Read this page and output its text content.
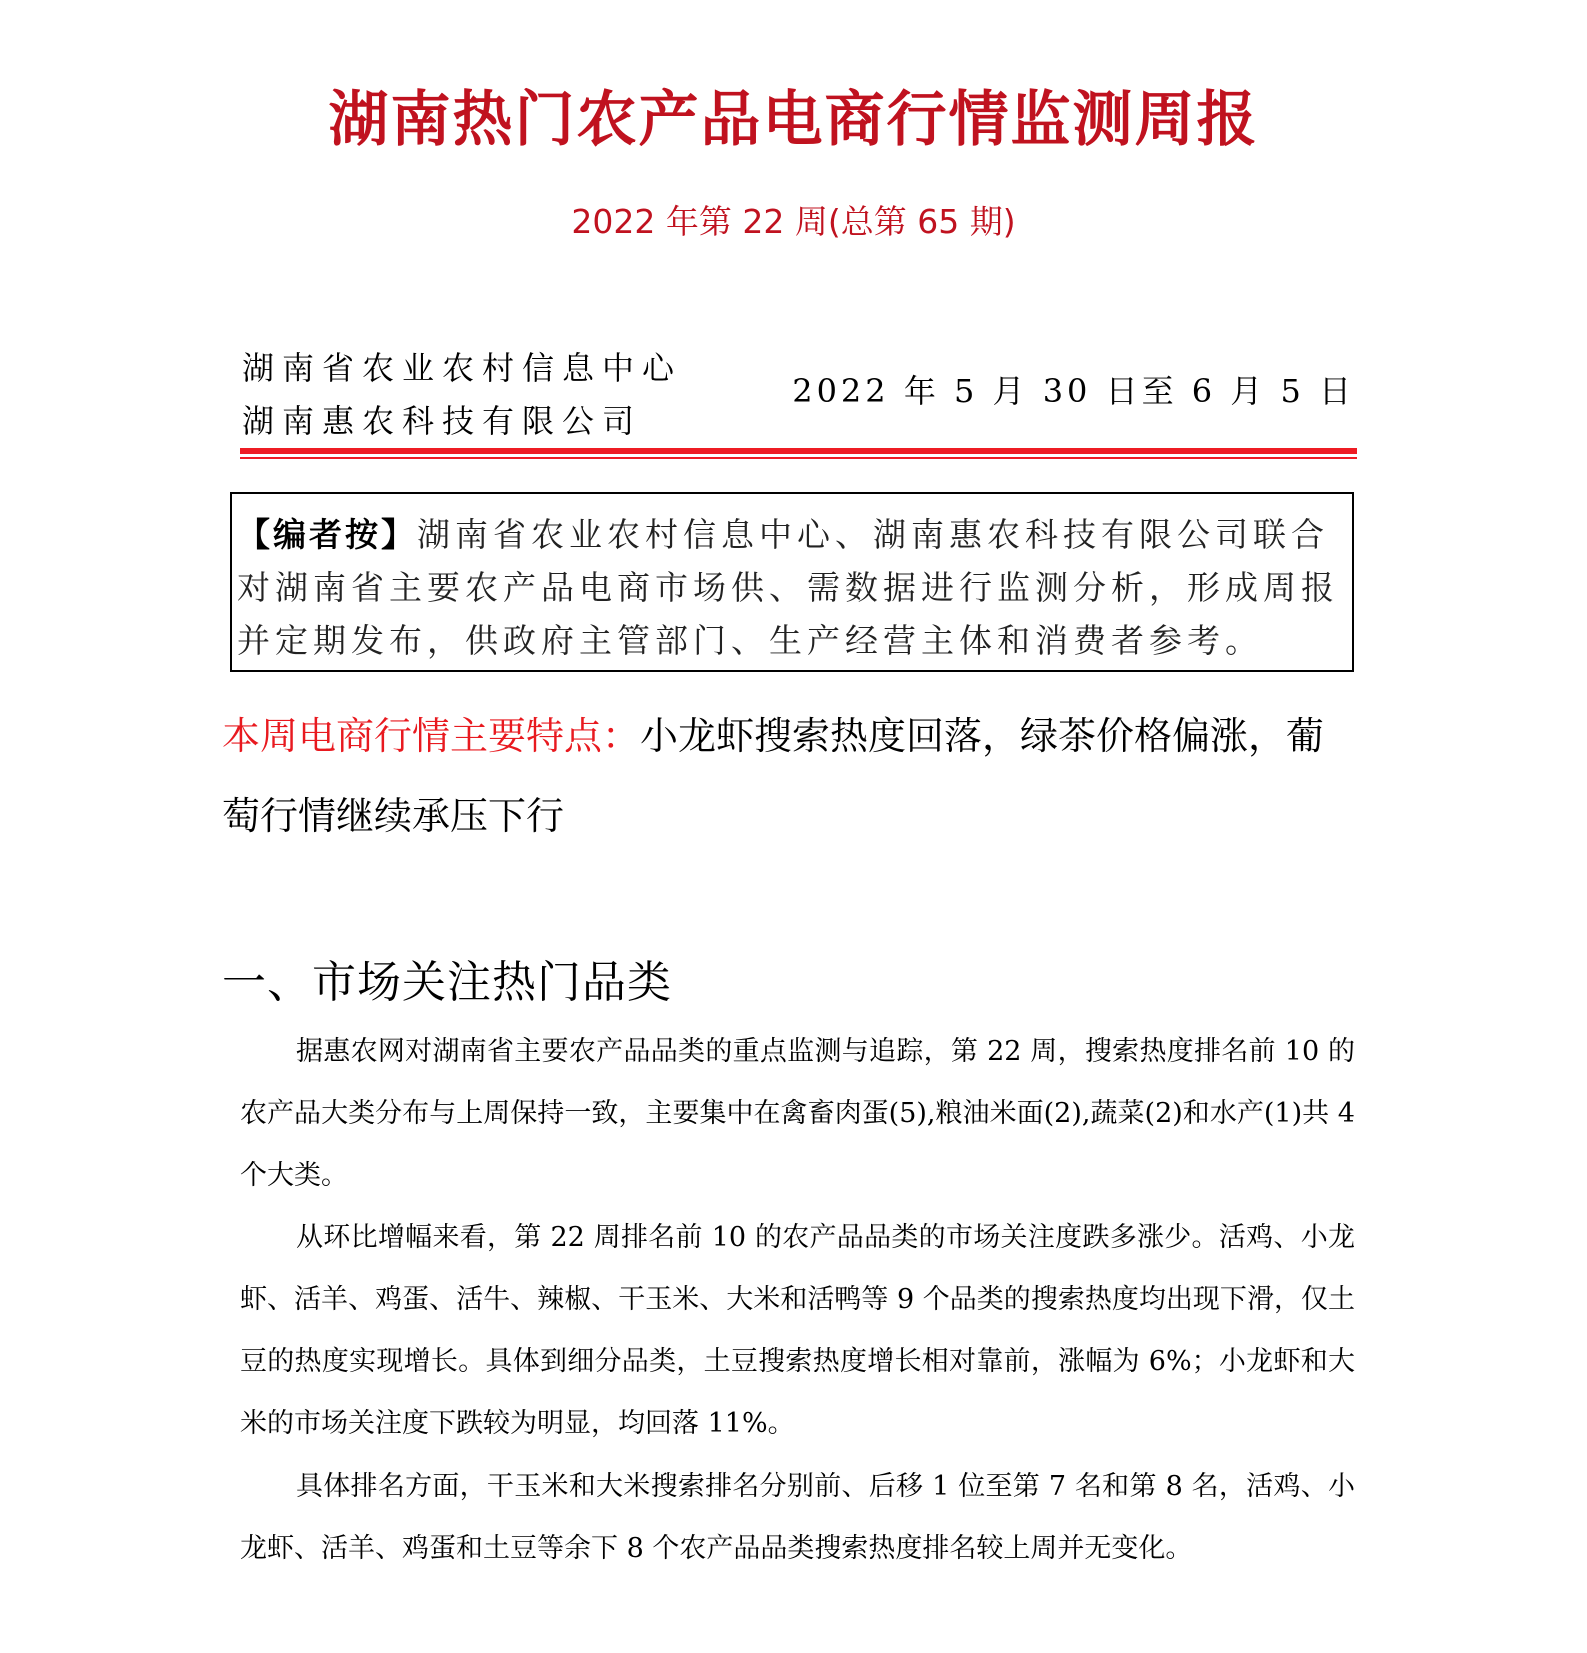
湖南热门农产品电商行情监测周报
2022 年第 22 周(总第 65 期)
湖南省农业农村信息中心
湖南惠农科技有限公司
2022 年 5 月 30 日至 6 月 5 日
【编者按】湖南省农业农村信息中心、湖南惠农科技有限公司联合对湖南省主要农产品电商市场供、需数据进行监测分析，形成周报并定期发布，供政府主管部门、生产经营主体和消费者参考。
本周电商行情主要特点：小龙虾搜索热度回落，绿茶价格偏涨，葡萄行情继续承压下行
一、市场关注热门品类

据惠农网对湖南省主要农产品品类的重点监测与追踪，第 22 周，搜索热度排名前 10 的农产品大类分布与上周保持一致，主要集中在禽畜肉蛋(5),粮油米面(2),蔬菜(2)和水产(1)共 4 个大类。

从环比增幅来看，第 22 周排名前 10 的农产品品类的市场关注度跌多涨少。活鸡、小龙虾、活羊、鸡蛋、活牛、辣椒、干玉米、大米和活鸭等 9 个品类的搜索热度均出现下滑，仅土豆的热度实现增长。具体到细分品类，土豆搜索热度增长相对靠前，涨幅为 6%；小龙虾和大米的市场关注度下跌较为明显，均回落 11%。

具体排名方面，干玉米和大米搜索排名分别前、后移 1 位至第 7 名和第 8 名，活鸡、小龙虾、活羊、鸡蛋和土豆等余下 8 个农产品品类搜索热度排名较上周并无变化。
